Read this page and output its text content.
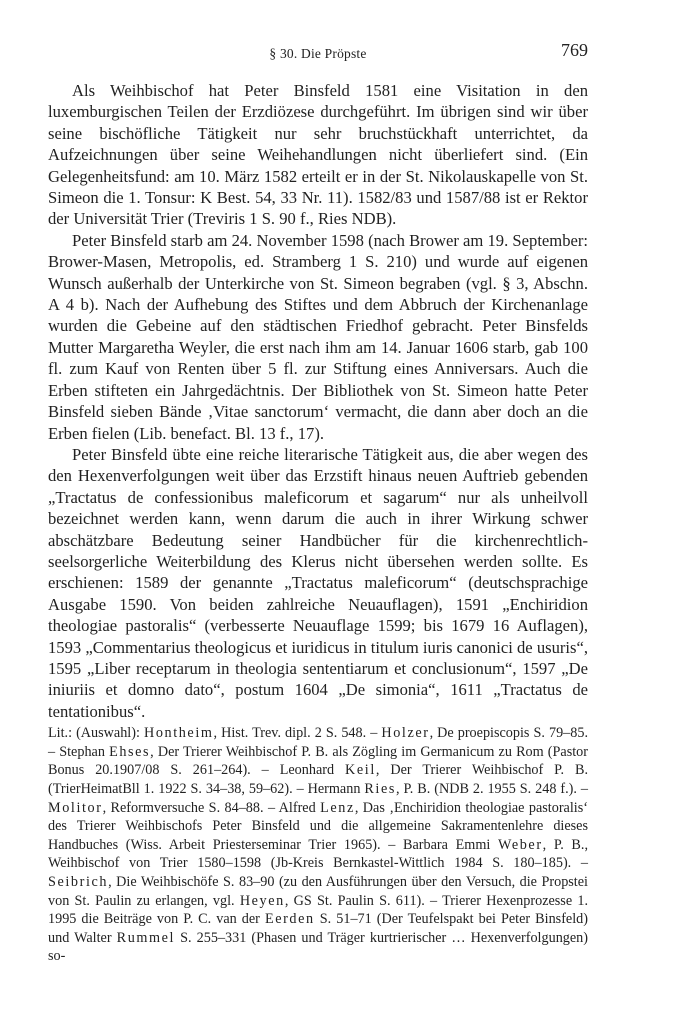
§ 30. Die Pröpste	769

Als Weihbischof hat Peter Binsfeld 1581 eine Visitation in den luxemburgischen Teilen der Erzdiözese durchgeführt. Im übrigen sind wir über seine bischöfliche Tätigkeit nur sehr bruchstückhaft unterrichtet, da Aufzeichnungen über seine Weihehandlungen nicht überliefert sind. (Ein Gelegenheitsfund: am 10. März 1582 erteilt er in der St. Nikolauskapelle von St. Simeon die 1. Tonsur: K Best. 54, 33 Nr. 11). 1582/83 und 1587/88 ist er Rektor der Universität Trier (Treviris 1 S. 90 f., Ries NDB).

Peter Binsfeld starb am 24. November 1598 (nach Brower am 19. September: Brower-Masen, Metropolis, ed. Stramberg 1 S. 210) und wurde auf eigenen Wunsch außerhalb der Unterkirche von St. Simeon begraben (vgl. § 3, Abschn. A 4 b). Nach der Aufhebung des Stiftes und dem Abbruch der Kirchenanlage wurden die Gebeine auf den städtischen Friedhof gebracht. Peter Binsfelds Mutter Margaretha Weyler, die erst nach ihm am 14. Januar 1606 starb, gab 100 fl. zum Kauf von Renten über 5 fl. zur Stiftung eines Anniversars. Auch die Erben stifteten ein Jahrgedächtnis. Der Bibliothek von St. Simeon hatte Peter Binsfeld sieben Bände ‚Vitae sanctorum‘ vermacht, die dann aber doch an die Erben fielen (Lib. benefact. Bl. 13 f., 17).

Peter Binsfeld übte eine reiche literarische Tätigkeit aus, die aber wegen des den Hexenverfolgungen weit über das Erzstift hinaus neuen Auftrieb gebenden „Tractatus de confessionibus maleficorum et sagarum“ nur als unheilvoll bezeichnet werden kann, wenn darum die auch in ihrer Wirkung schwer abschätzbare Bedeutung seiner Handbücher für die kirchenrechtlich-seelsorgerliche Weiterbildung des Klerus nicht übersehen werden sollte. Es erschienen: 1589 der genannte „Tractatus maleficorum“ (deutschsprachige Ausgabe 1590. Von beiden zahlreiche Neuauflagen), 1591 „Enchiridion theologiae pastoralis“ (verbesserte Neuauflage 1599; bis 1679 16 Auflagen), 1593 „Commentarius theologicus et iuridicus in titulum iuris canonici de usuris“, 1595 „Liber receptarum in theologia sententiarum et conclusionum“, 1597 „De iniuriis et domno dato“, postum 1604 „De simonia“, 1611 „Tractatus de tentationibus“.

Lit.: (Auswahl): Hontheim, Hist. Trev. dipl. 2 S. 548. – Holzer, De proepiscopis S. 79–85. – Stephan Ehses, Der Trierer Weihbischof P. B. als Zögling im Germanicum zu Rom (Pastor Bonus 20.1907/08 S. 261–264). – Leonhard Keil, Der Trierer Weihbischof P. B. (TrierHeimatBll 1. 1922 S. 34–38, 59–62). – Hermann Ries, P. B. (NDB 2. 1955 S. 248 f.). – Molitor, Reformversuche S. 84–88. – Alfred Lenz, Das ‚Enchiridion theologiae pastoralis‘ des Trierer Weihbischofs Peter Binsfeld und die allgemeine Sakramentenlehre dieses Handbuches (Wiss. Arbeit Priesterseminar Trier 1965). – Barbara Emmi Weber, P. B., Weihbischof von Trier 1580–1598 (Jb-Kreis Bernkastel-Wittlich 1984 S. 180–185). – Seibrich, Die Weihbischöfe S. 83–90 (zu den Ausführungen über den Versuch, die Propstei von St. Paulin zu erlangen, vgl. Heyen, GS St. Paulin S. 611). – Trierer Hexenprozesse 1. 1995 die Beiträge von P. C. van der Eerden S. 51–71 (Der Teufelspakt bei Peter Binsfeld) und Walter Rummel S. 255–331 (Phasen und Träger kurtrierischer … Hexenverfolgungen) so-
